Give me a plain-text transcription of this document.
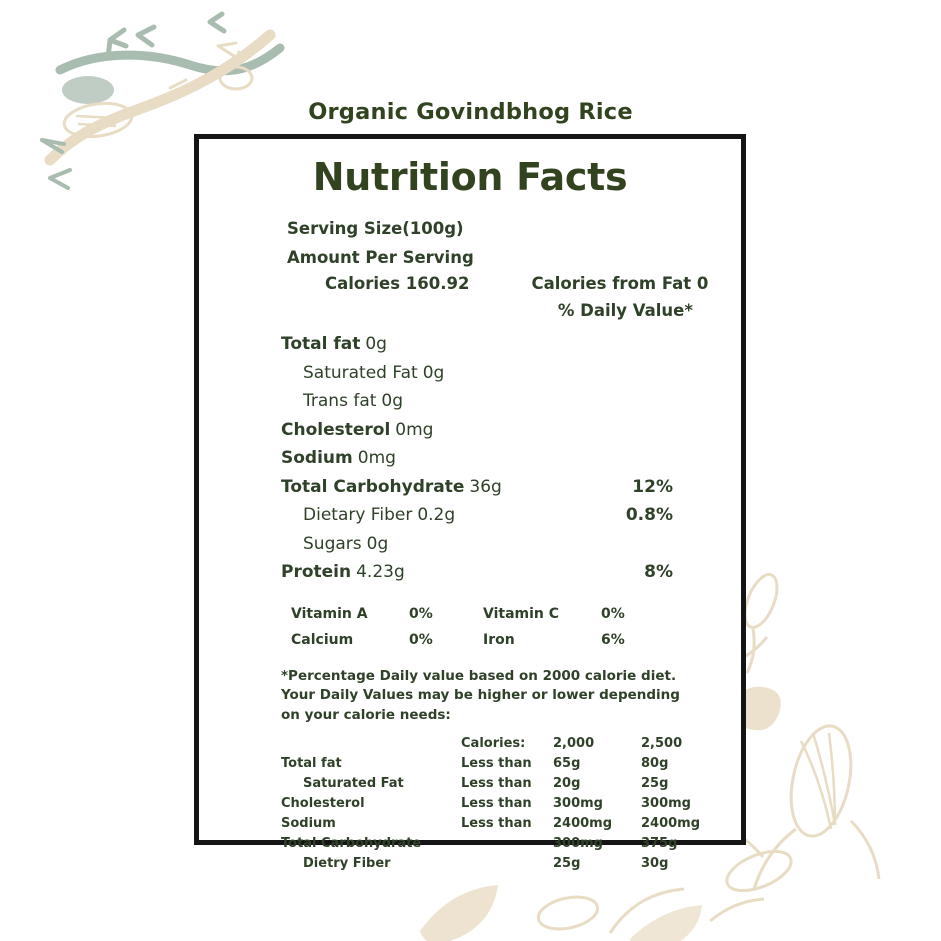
Organic Govindbhog Rice
Nutrition Facts
Serving Size(100g)
Amount Per Serving
Calories 160.92	Calories from Fat 0
% Daily Value*
Total fat 0g
Saturated Fat 0g
Trans fat 0g
Cholesterol 0mg
Sodium 0mg
Total Carbohydrate 36g	12%
Dietary Fiber 0.2g	0.8%
Sugars 0g
Protein 4.23g	8%
Vitamin A	0%	Vitamin C	0%
Calcium	0%	Iron	6%
*Percentage Daily value based on 2000 calorie diet. Your Daily Values may be higher or lower depending on your calorie needs:
	Calories:	2,000	2,500
Total fat	Less than	65g	80g
Saturated Fat	Less than	20g	25g
Cholesterol	Less than	300mg	300mg
Sodium	Less than	2400mg	2400mg
Total Carbohydrate		300mg	375g
Dietry Fiber		25g	30g
